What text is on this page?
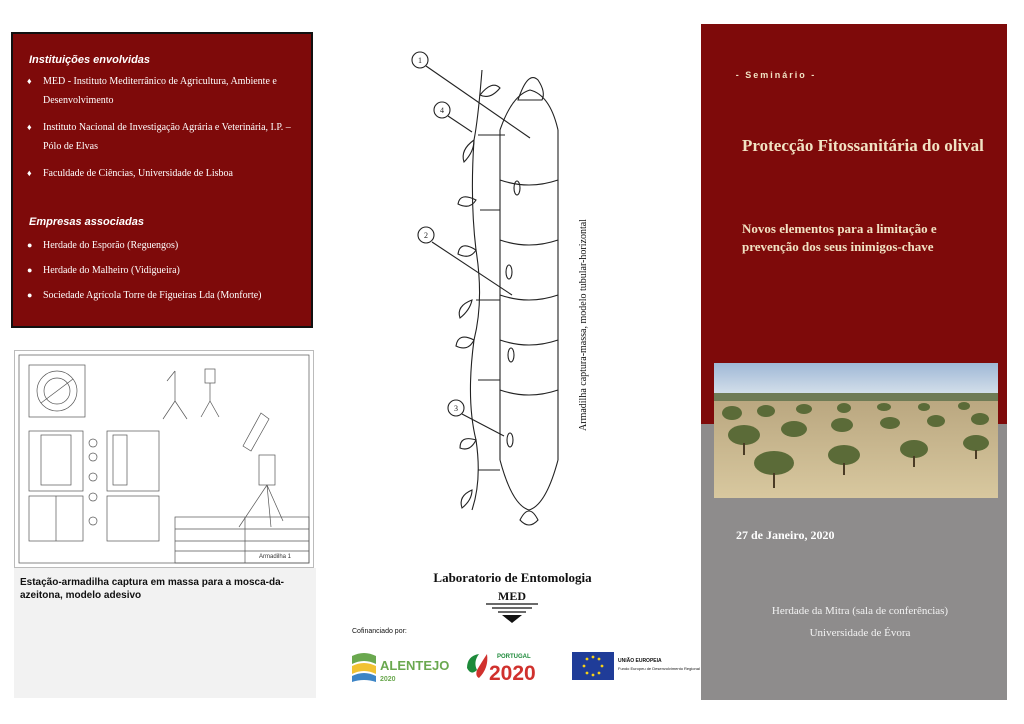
Instituições envolvidas
♦ MED - Instituto Mediterrânico de Agricultura, Ambiente e Desenvolvimento
♦ Instituto Nacional de Investigação Agrária e Veterinária, I.P. – Pólo de Elvas
♦ Faculdade de Ciências, Universidade de Lisboa
Empresas associadas
● Herdade do Esporão (Reguengos)
● Herdade do Malheiro (Vidigueira)
● Sociedade Agrícola Torre de Figueiras Lda (Monforte)
Armadilha 1
Estação-armadilha captura em massa para a mosca-da-azeitona, modelo adesivo
1
4
2
3	Armadilha captura-massa, modelo tubular-horizontal
Laboratorio de Entomologia
MED
Cofinanciado por:
ALENTEJO
2020
PORTUGAL
2020
UNIÃO EUROPEIA
Fundo Europeu de Desenvolvimento Regional
- Seminário -
Protecção Fitossanitária do olival
Novos elementos para a limitação e prevenção dos seus inimigos-chave
27 de Janeiro, 2020
Herdade da Mitra (sala de conferências)
Universidade de Évora
